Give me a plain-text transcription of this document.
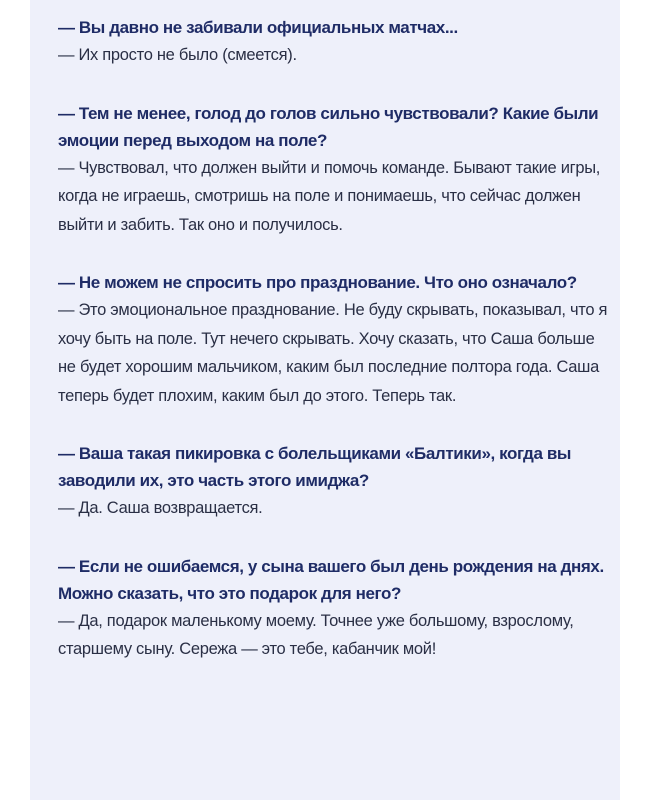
— Вы давно не забивали официальных матчах...
— Их просто не было (смеется).
— Тем не менее, голод до голов сильно чувствовали? Какие были эмоции перед выходом на поле?
— Чувствовал, что должен выйти и помочь команде. Бывают такие игры, когда не играешь, смотришь на поле и понимаешь, что сейчас должен выйти и забить. Так оно и получилось.
— Не можем не спросить про празднование. Что оно означало?
— Это эмоциональное празднование. Не буду скрывать, показывал, что я хочу быть на поле. Тут нечего скрывать. Хочу сказать, что Саша больше не будет хорошим мальчиком, каким был последние полтора года. Саша теперь будет плохим, каким был до этого. Теперь так.
— Ваша такая пикировка с болельщиками «Балтики», когда вы заводили их, это часть этого имиджа?
— Да. Саша возвращается.
— Если не ошибаемся, у сына вашего был день рождения на днях. Можно сказать, что это подарок для него?
— Да, подарок маленькому моему. Точнее уже большому, взрослому, старшему сыну. Сережа — это тебе, кабанчик мой!
